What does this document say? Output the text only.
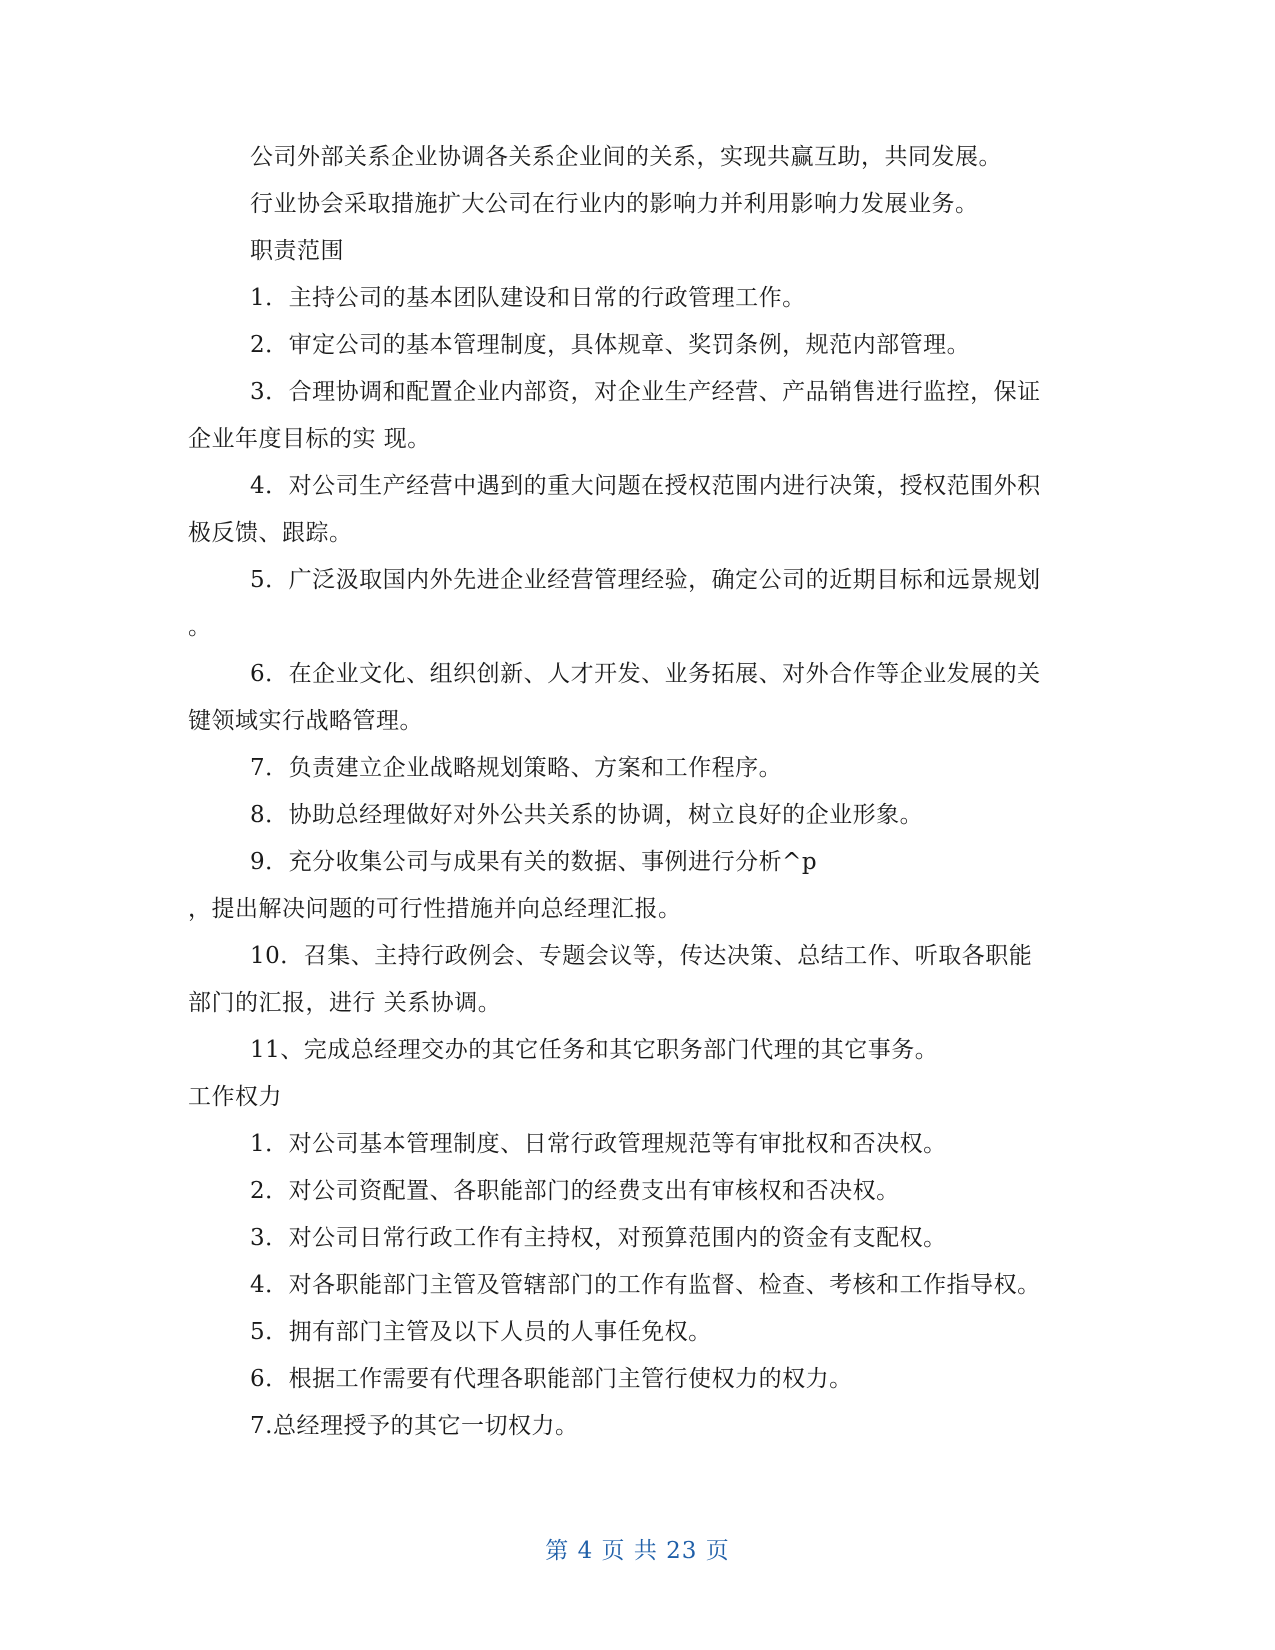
公司外部关系企业协调各关系企业间的关系，实现共赢互助，共同发展。
行业协会采取措施扩大公司在行业内的影响力并利用影响力发展业务。
职责范围
1．主持公司的基本团队建设和日常的行政管理工作。
2．审定公司的基本管理制度，具体规章、奖罚条例，规范内部管理。
3．合理协调和配置企业内部资，对企业生产经营、产品销售进行监控，保证
企业年度目标的实 现。
4．对公司生产经营中遇到的重大问题在授权范围内进行决策，授权范围外积
极反馈、跟踪。
5．广泛汲取国内外先进企业经营管理经验，确定公司的近期目标和远景规划
。
6．在企业文化、组织创新、人才开发、业务拓展、对外合作等企业发展的关
键领域实行战略管理。
7．负责建立企业战略规划策略、方案和工作程序。
8．协助总经理做好对外公共关系的协调，树立良好的企业形象。
9．充分收集公司与成果有关的数据、事例进行分析^p
，提出解决问题的可行性措施并向总经理汇报。
10．召集、主持行政例会、专题会议等，传达决策、总结工作、听取各职能
部门的汇报，进行 关系协调。
11、完成总经理交办的其它任务和其它职务部门代理的其它事务。
工作权力
1．对公司基本管理制度、日常行政管理规范等有审批权和否决权。
2．对公司资配置、各职能部门的经费支出有审核权和否决权。
3．对公司日常行政工作有主持权，对预算范围内的资金有支配权。
4．对各职能部门主管及管辖部门的工作有监督、检查、考核和工作指导权。
5．拥有部门主管及以下人员的人事任免权。
6．根据工作需要有代理各职能部门主管行使权力的权力。
7.总经理授予的其它一切权力。
第 4 页 共 23 页
